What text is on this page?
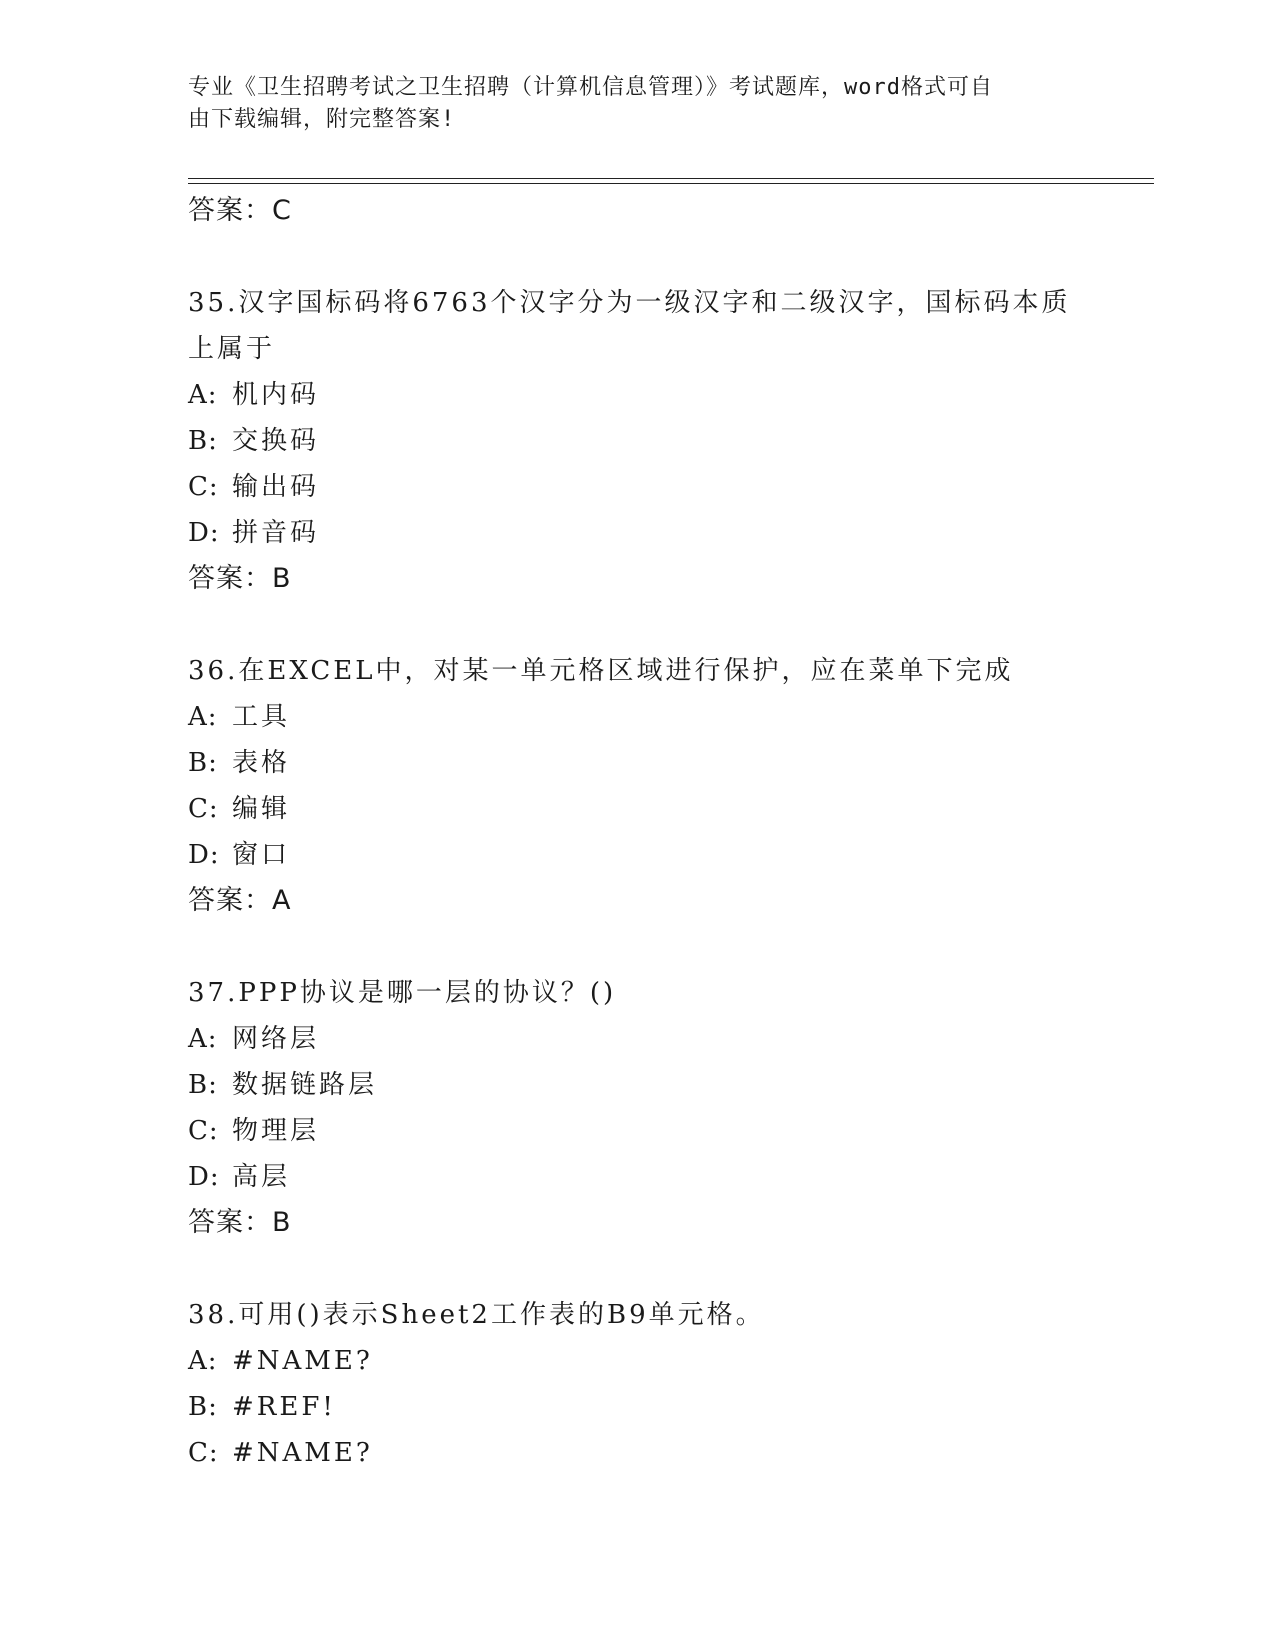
专业《卫生招聘考试之卫生招聘（计算机信息管理）》考试题库，word格式可自
由下载编辑，附完整答案!
答案：C
35.汉字国标码将6763个汉字分为一级汉字和二级汉字，国标码本质
上属于
A: 机内码
B: 交换码
C: 输出码
D: 拼音码
答案：B
36.在EXCEL中，对某一单元格区域进行保护，应在菜单下完成
A: 工具
B: 表格
C: 编辑
D: 窗口
答案：A
37.PPP协议是哪一层的协议？()
A: 网络层
B: 数据链路层
C: 物理层
D: 高层
答案：B
38.可用()表示Sheet2工作表的B9单元格。
A: #NAME?
B: #REF!
C: #NAME?
